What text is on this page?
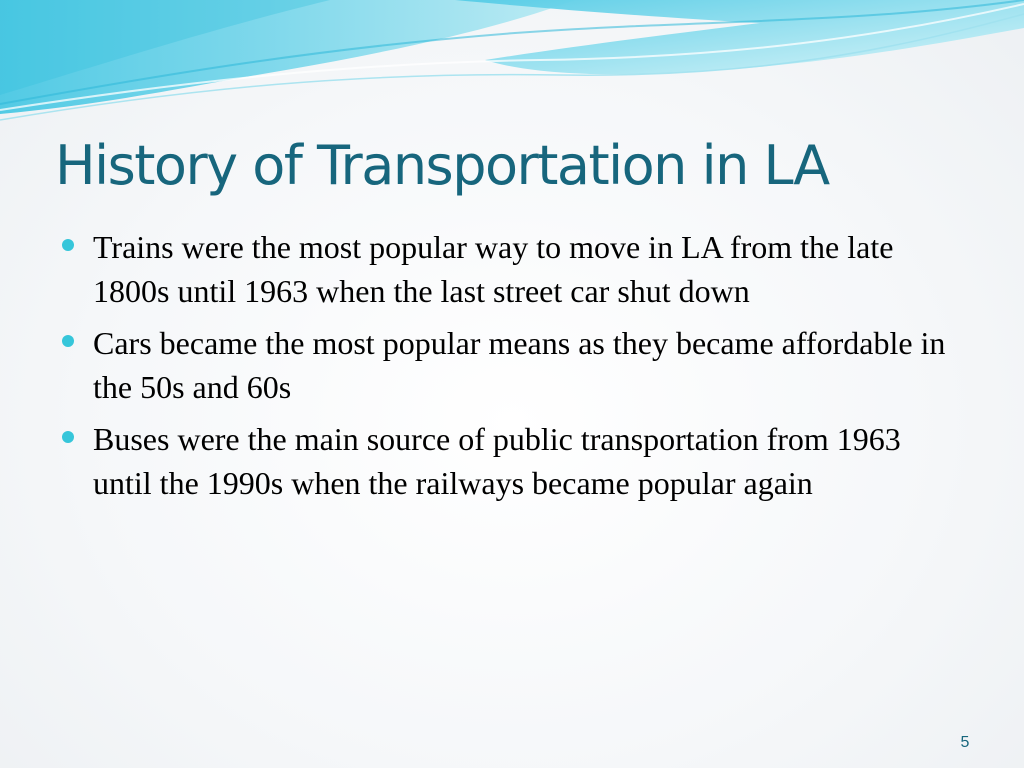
History of Transportation in LA
Trains were the most popular way to move in LA from the late 1800s until 1963 when the last street car shut down
Cars became the most popular means as they became affordable in the 50s and 60s
Buses were the main source of public transportation from 1963 until the 1990s when the railways became popular again
5
